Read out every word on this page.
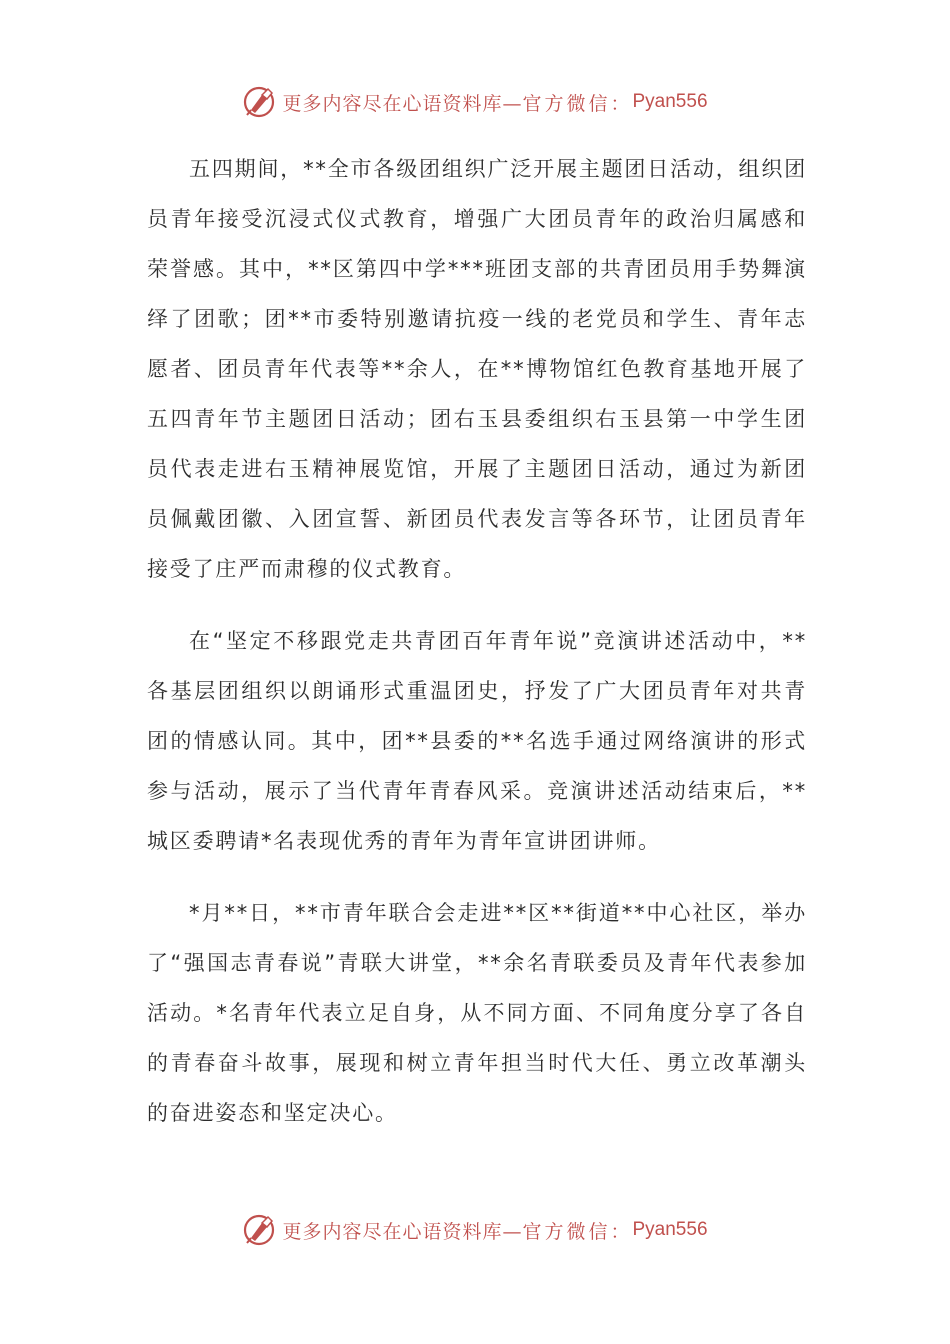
更多内容尽在心语资料库— 官方微信： Pyan556

五四期间，**全市各级团组织广泛开展主题团日活动，组织团员青年接受沉浸式仪式教育，增强广大团员青年的政治归属感和荣誉感。其中，**区第四中学***班团支部的共青团员用手势舞演绎了团歌；团**市委特别邀请抗疫一线的老党员和学生、青年志愿者、团员青年代表等**余人，在**博物馆红色教育基地开展了五四青年节主题团日活动；团右玉县委组织右玉县第一中学生团员代表走进右玉精神展览馆，开展了主题团日活动，通过为新团员佩戴团徽、入团宣誓、新团员代表发言等各环节，让团员青年接受了庄严而肃穆的仪式教育。

在“坚定不移跟党走共青团百年青年说”竞演讲述活动中，**各基层团组织以朗诵形式重温团史，抒发了广大团员青年对共青团的情感认同。其中，团**县委的**名选手通过网络演讲的形式参与活动，展示了当代青年青春风采。竞演讲述活动结束后，**城区委聘请*名表现优秀的青年为青年宣讲团讲师。

*月**日，**市青年联合会走进**区**街道**中心社区，举办了“强国志青春说”青联大讲堂，**余名青联委员及青年代表参加活动。*名青年代表立足自身，从不同方面、不同角度分享了各自的青春奋斗故事，展现和树立青年担当时代大任、勇立改革潮头的奋进姿态和坚定决心。

更多内容尽在心语资料库— 官方微信： Pyan556
